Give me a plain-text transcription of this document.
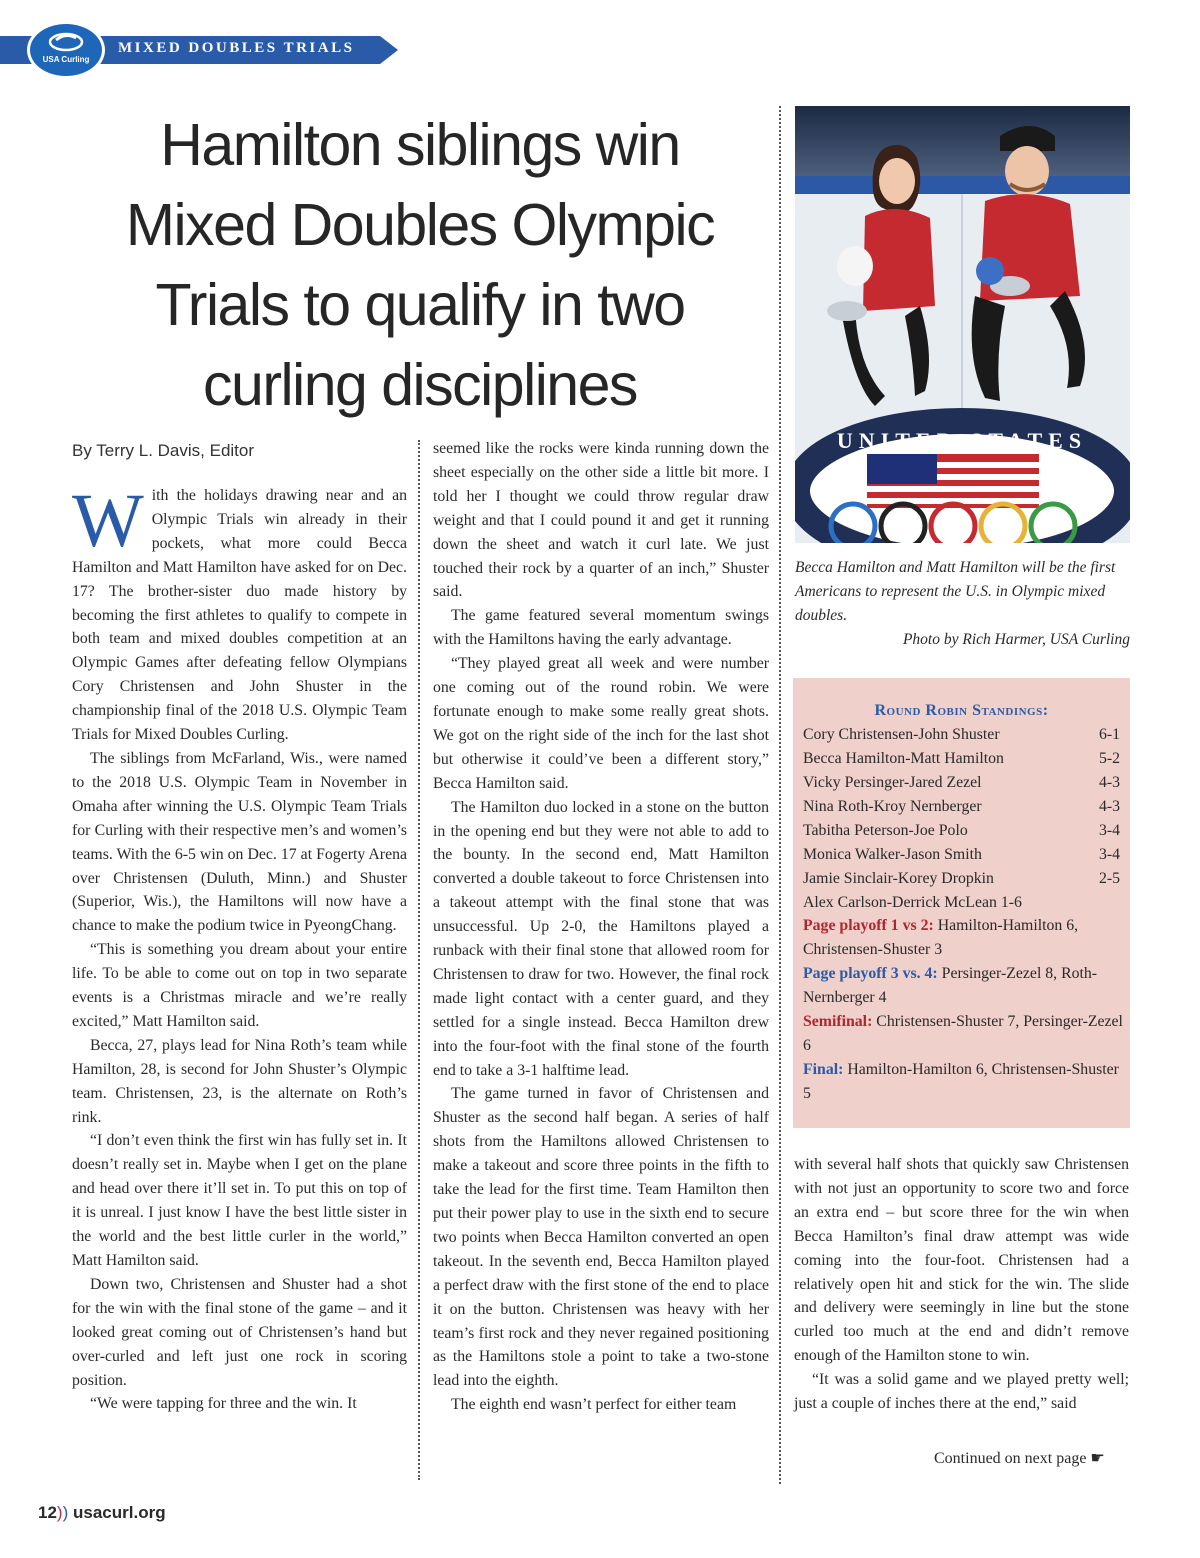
MIXED DOUBLES TRIALS
USA Curling
Hamilton siblings win
Mixed Doubles Olympic
Trials to qualify in two
curling disciplines
By Terry L. Davis, Editor

With the holidays drawing near and an Olympic Trials win already in their pockets, what more could Becca Hamilton and Matt Hamilton have asked for on Dec. 17? The brother-sister duo made history by becoming the first athletes to qualify to compete in both team and mixed doubles competition at an Olympic Games after defeating fellow Olympians Cory Christensen and John Shuster in the championship final of the 2018 U.S. Olympic Team Trials for Mixed Doubles Curling.

The siblings from McFarland, Wis., were named to the 2018 U.S. Olympic Team in November in Omaha after winning the U.S. Olympic Team Trials for Curling with their respective men’s and women’s teams. With the 6-5 win on Dec. 17 at Fogerty Arena over Christensen (Duluth, Minn.) and Shuster (Superior, Wis.), the Hamiltons will now have a chance to make the podium twice in PyeongChang.

“This is something you dream about your entire life. To be able to come out on top in two separate events is a Christmas miracle and we’re really excited,” Matt Hamilton said.

Becca, 27, plays lead for Nina Roth’s team while Hamilton, 28, is second for John Shuster’s Olympic team. Christensen, 23, is the alternate on Roth’s rink.

“I don’t even think the first win has fully set in. It doesn’t really set in. Maybe when I get on the plane and head over there it’ll set in. To put this on top of it is unreal. I just know I have the best little sister in the world and the best little curler in the world,” Matt Hamilton said.

Down two, Christensen and Shuster had a shot for the win with the final stone of the game – and it looked great coming out of Christensen’s hand but over-curled and left just one rock in scoring position.

“We were tapping for three and the win. It

seemed like the rocks were kinda running down the sheet especially on the other side a little bit more. I told her I thought we could throw regular draw weight and that I could pound it and get it running down the sheet and watch it curl late. We just touched their rock by a quarter of an inch,” Shuster said.

The game featured several momentum swings with the Hamiltons having the early advantage.

“They played great all week and were number one coming out of the round robin. We were fortunate enough to make some really great shots. We got on the right side of the inch for the last shot but otherwise it could’ve been a different story,” Becca Hamilton said.

The Hamilton duo locked in a stone on the button in the opening end but they were not able to add to the bounty. In the second end, Matt Hamilton converted a double takeout to force Christensen into a takeout attempt with the final stone that was unsuccessful. Up 2-0, the Hamiltons played a runback with their final stone that allowed room for Christensen to draw for two. However, the final rock made light contact with a center guard, and they settled for a single instead. Becca Hamilton drew into the four-foot with the final stone of the fourth end to take a 3-1 halftime lead.

The game turned in favor of Christensen and Shuster as the second half began. A series of half shots from the Hamiltons allowed Christensen to make a takeout and score three points in the fifth to take the lead for the first time. Team Hamilton then put their power play to use in the sixth end to secure two points when Becca Hamilton converted an open takeout. In the seventh end, Becca Hamilton played a perfect draw with the first stone of the end to place it on the button. Christensen was heavy with her team’s first rock and they never regained positioning as the Hamiltons stole a point to take a two-stone lead into the eighth.

The eighth end wasn’t perfect for either team

UNITED STATES
Becca Hamilton and Matt Hamilton will be the first Americans to represent the U.S. in Olympic mixed doubles.
Photo by Rich Harmer, USA Curling
Round Robin Standings:
Cory Christensen-John Shuster	6-1
Becca Hamilton-Matt Hamilton	5-2
Vicky Persinger-Jared Zezel	4-3
Nina Roth-Kroy Nernberger	4-3
Tabitha Peterson-Joe Polo	3-4
Monica Walker-Jason Smith	3-4
Jamie Sinclair-Korey Dropkin	2-5
Alex Carlson-Derrick McLean 1-6
Page playoff 1 vs 2: Hamilton-Hamilton 6, Christensen-Shuster 3
Page playoff 3 vs. 4: Persinger-Zezel 8, Roth-Nernberger 4
Semifinal: Christensen-Shuster 7, Persinger-Zezel 6
Final: Hamilton-Hamilton 6, Christensen-Shuster 5

with several half shots that quickly saw Christensen with not just an opportunity to score two and force an extra end – but score three for the win when Becca Hamilton’s final draw attempt was wide coming into the four-foot. Christensen had a relatively open hit and stick for the win. The slide and delivery were seemingly in line but the stone curled too much at the end and didn’t remove enough of the Hamilton stone to win.

“It was a solid game and we played pretty well; just a couple of inches there at the end,” said

Continued on next page ☛
12)) usacurl.org
